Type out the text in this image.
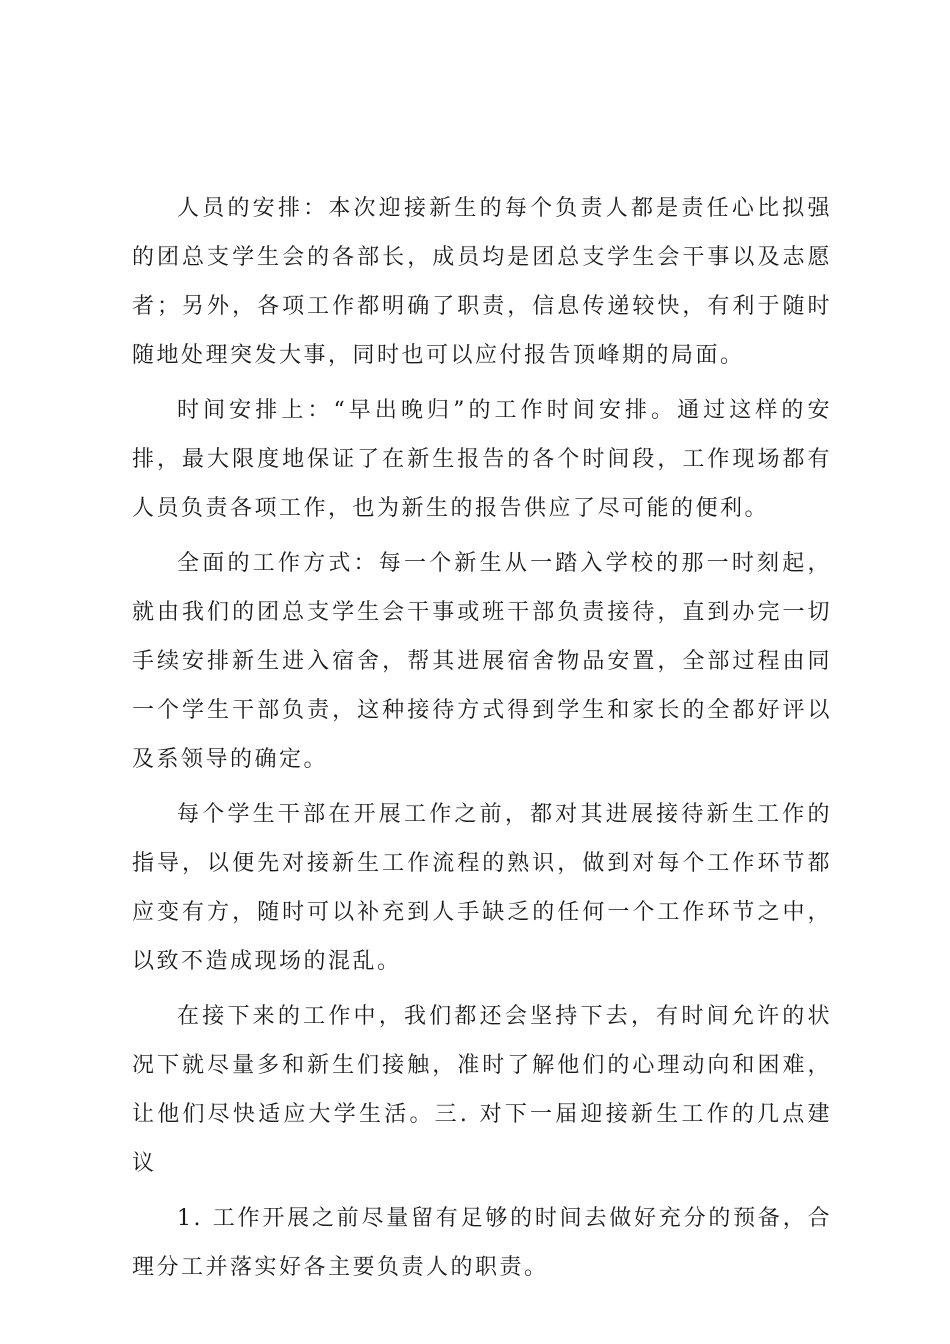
人员的安排：本次迎接新生的每个负责人都是责任心比拟强的团总支学生会的各部长，成员均是团总支学生会干事以及志愿者；另外，各项工作都明确了职责，信息传递较快，有利于随时随地处理突发大事，同时也可以应付报告顶峰期的局面。

时间安排上：“早出晚归”的工作时间安排。通过这样的安排，最大限度地保证了在新生报告的各个时间段，工作现场都有人员负责各项工作，也为新生的报告供应了尽可能的便利。

全面的工作方式：每一个新生从一踏入学校的那一时刻起，就由我们的团总支学生会干事或班干部负责接待，直到办完一切手续安排新生进入宿舍，帮其进展宿舍物品安置，全部过程由同一个学生干部负责，这种接待方式得到学生和家长的全都好评以及系领导的确定。

每个学生干部在开展工作之前，都对其进展接待新生工作的指导，以便先对接新生工作流程的熟识，做到对每个工作环节都应变有方，随时可以补充到人手缺乏的任何一个工作环节之中，以致不造成现场的混乱。

在接下来的工作中，我们都还会坚持下去，有时间允许的状况下就尽量多和新生们接触，准时了解他们的心理动向和困难，让他们尽快适应大学生活。三. 对下一届迎接新生工作的几点建议

1. 工作开展之前尽量留有足够的时间去做好充分的预备，合理分工并落实好各主要负责人的职责。
